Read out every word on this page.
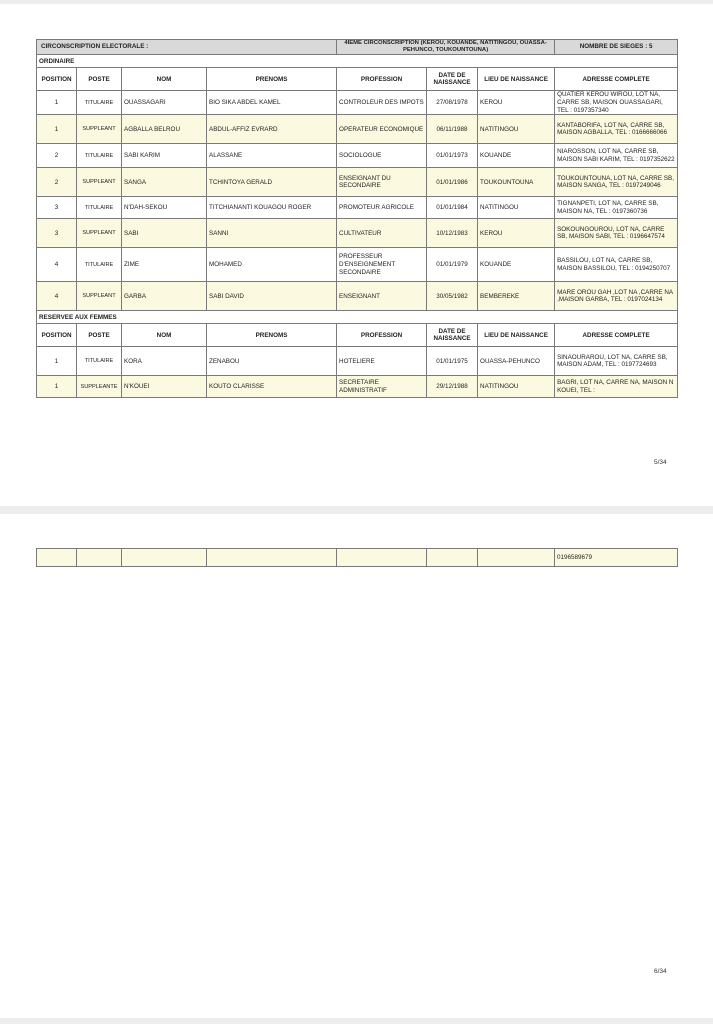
CIRCONSCRIPTION ELECTORALE :				4IEME CIRCONSCRIPTION (KEROU, KOUANDE, NATITINGOU, OUASSA-PEHUNCO, TOUKOUNTOUNA)			NOMBRE DE SIEGES : 5
ORDINAIRE							
POSITION	POSTE	NOM	PRENOMS	PROFESSION	DATE DE NAISSANCE	LIEU DE NAISSANCE	ADRESSE COMPLETE
1	TITULAIRE	OUASSAGARI	BIO SIKA ABDEL KAMEL	CONTROLEUR DES IMPOTS	27/08/1978	KEROU	QUATIER KEROU WIROU, LOT NA, CARRE SB, MAISON OUASSAGARI, TEL : 0197357340
1	SUPPLEANT	AGBALLA BELROU	ABDUL-AFFIZ EVRARD	OPERATEUR ECONOMIQUE	06/11/1988	NATITINGOU	KANTABORIFA, LOT NA, CARRE SB, MAISON AGBALLA, TEL : 0166666066
2	TITULAIRE	SABI KARIM	ALASSANE	SOCIOLOGUE	01/01/1973	KOUANDE	NIAROSSON, LOT NA, CARRE SB, MAISON SABI KARIM, TEL : 0197352622
2	SUPPLEANT	SANGA	TCHINTOYA GERALD	ENSEIGNANT DU SECONDAIRE	01/01/1986	TOUKOUNTOUNA	TOUKOUNTOUNA, LOT NA, CARRE SB, MAISON SANGA, TEL : 0197249046
3	TITULAIRE	N'DAH-SEKOU	TITCHIANANTI KOUAGOU ROGER	PROMOTEUR AGRICOLE	01/01/1984	NATITINGOU	TIGNANPETI, LOT NA, CARRE SB, MAISON NA, TEL : 0197360736
3	SUPPLEANT	SABI	SANNI	CULTIVATEUR	10/12/1983	KEROU	SOKOUNGOUROU, LOT NA, CARRE SB, MAISON SABI, TEL : 0196647574
4	TITULAIRE	ZIME	MOHAMED	PROFESSEUR D'ENSEIGNEMENT SECONDAIRE	01/01/1979	KOUANDE	BASSILOU, LOT NA, CARRE SB, MAISON BASSILOU, TEL : 0194250707
4	SUPPLEANT	GARBA	SABI DAVID	ENSEIGNANT	30/05/1982	BEMBEREKE	MARE OROU GAH ,LOT NA ,CARRE NA ,MAISON GARBA, TEL : 0197024134
RESERVEE AUX FEMMES							
POSITION	POSTE	NOM	PRENOMS	PROFESSION	DATE DE NAISSANCE	LIEU DE NAISSANCE	ADRESSE COMPLETE
1	TITULAIRE	KORA	ZENABOU	HOTELIERE	01/01/1975	OUASSA-PEHUNCO	SINAOURAROU, LOT NA, CARRE SB, MAISON ADAM, TEL : 0197724693
1	SUPPLEANTE	N'KOUEI	KOUTO CLARISSE	SECRETAIRE ADMINISTRATIF	29/12/1988	NATITINGOU	BAGRI, LOT NA, CARRE NA, MAISON N KOUEI, TEL :
5/34
							0196589679
6/34
